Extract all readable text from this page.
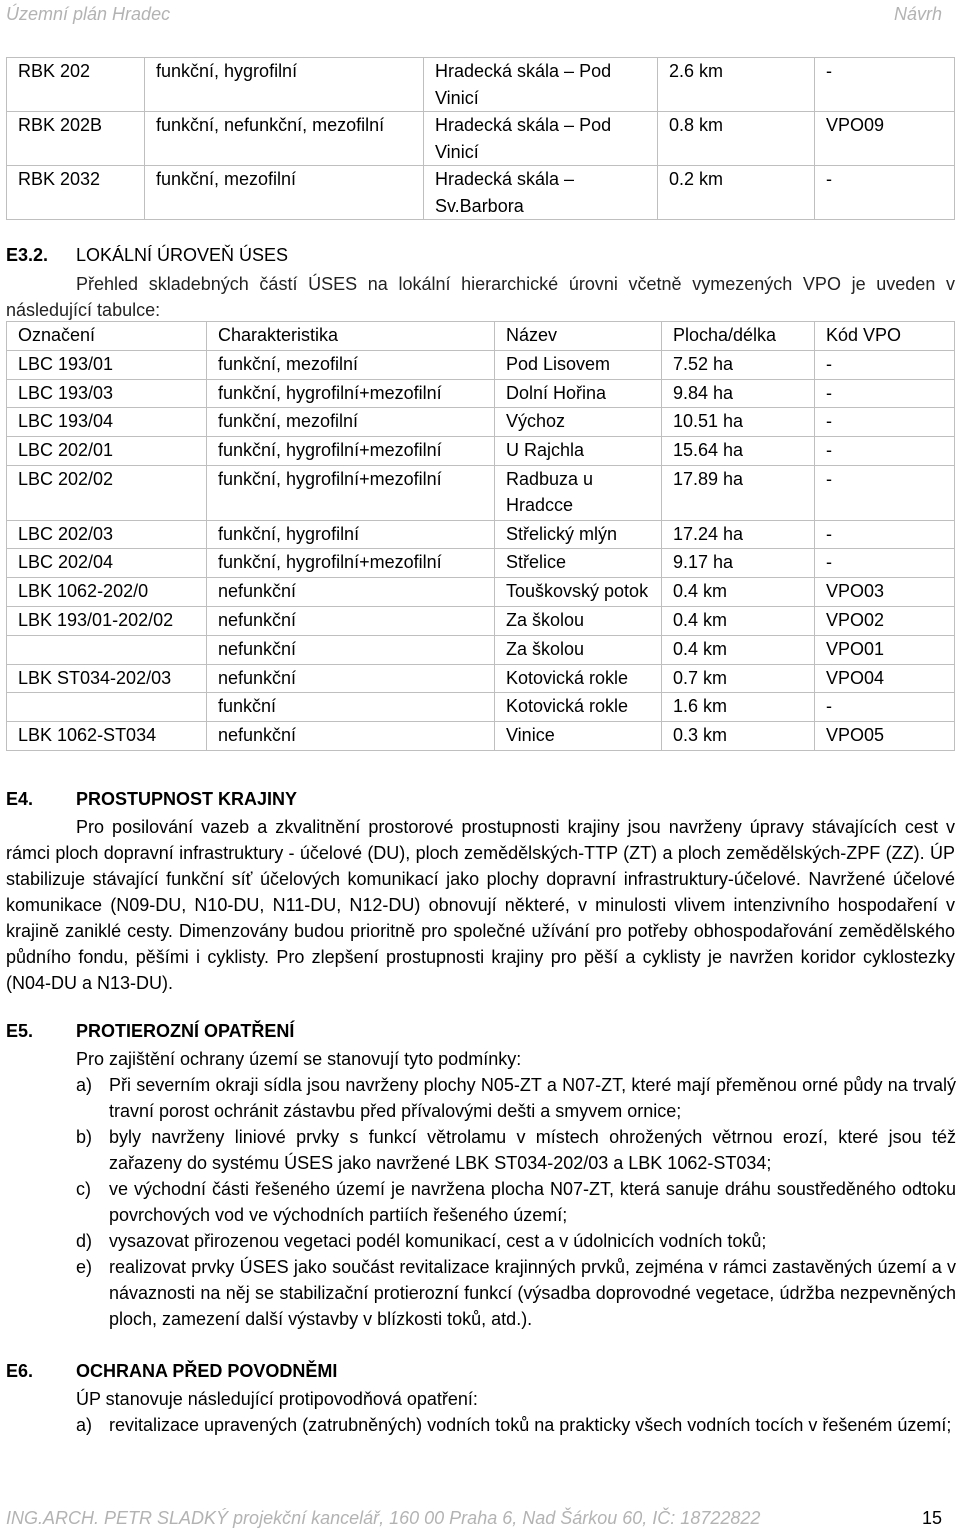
Územní plán Hradec	Návrh
RBK 202	funkční, hygrofilní	Hradecká skála – Pod Vinicí	2.6 km	-
RBK 202B	funkční, nefunkční, mezofilní	Hradecká skála – Pod Vinicí	0.8 km	VPO09
RBK 2032	funkční, mezofilní	Hradecká skála – Sv.Barbora	0.2 km	-
E3.2. LOKÁLNÍ ÚROVEŇ ÚSES
Přehled skladebných částí ÚSES na lokální hierarchické úrovni včetně vymezených VPO je uveden v následující tabulce:
Označení	Charakteristika	Název	Plocha/délka	Kód VPO
LBC 193/01	funkční, mezofilní	Pod Lisovem	7.52 ha	-
LBC 193/03	funkční, hygrofilní+mezofilní	Dolní Hořina	9.84 ha	-
LBC 193/04	funkční, mezofilní	Výchoz	10.51 ha	-
LBC 202/01	funkční, hygrofilní+mezofilní	U Rajchla	15.64 ha	-
LBC 202/02	funkční, hygrofilní+mezofilní	Radbuza u Hradcce	17.89 ha	-
LBC 202/03	funkční, hygrofilní	Střelický mlýn	17.24 ha	-
LBC 202/04	funkční, hygrofilní+mezofilní	Střelice	9.17 ha	-
LBK 1062-202/0	nefunkční	Touškovský potok	0.4 km	VPO03
LBK 193/01-202/02	nefunkční	Za školou	0.4 km	VPO02
	nefunkční	Za školou	0.4 km	VPO01
LBK ST034-202/03	nefunkční	Kotovická rokle	0.7 km	VPO04
	funkční	Kotovická rokle	1.6 km	-
LBK 1062-ST034	nefunkční	Vinice	0.3 km	VPO05
E4. PROSTUPNOST KRAJINY
Pro posilování vazeb a zkvalitnění prostorové prostupnosti krajiny jsou navrženy úpravy stávajících cest v rámci ploch dopravní infrastruktury - účelové (DU), ploch zemědělských-TTP (ZT) a ploch zemědělských-ZPF (ZZ). ÚP stabilizuje stávající funkční síť účelových komunikací jako plochy dopravní infrastruktury-účelové. Navržené účelové komunikace (N09-DU, N10-DU, N11-DU, N12-DU) obnovují některé, v minulosti vlivem intenzivního hospodaření v krajině zaniklé cesty. Dimenzovány budou prioritně pro společné užívání pro potřeby obhospodařování zemědělského půdního fondu, pěšími i cyklisty. Pro zlepšení prostupnosti krajiny pro pěší a cyklisty je navržen koridor cyklostezky (N04-DU a N13-DU).
E5. PROTIEROZNÍ OPATŘENÍ
Pro zajištění ochrany území se stanovují tyto podmínky:
a) Při severním okraji sídla jsou navrženy plochy N05-ZT a N07-ZT, které mají přeměnou orné půdy na trvalý travní porost ochránit zástavbu před přívalovými dešti a smyvem ornice;
b) byly navrženy liniové prvky s funkcí větrolamu v místech ohrožených větrnou erozí, které jsou též zařazeny do systému ÚSES jako navržené LBK ST034-202/03 a LBK 1062-ST034;
c)	ve východní části řešeného území je navržena plocha N07-ZT, která sanuje dráhu soustředěného odtoku povrchových vod ve východních partiích řešeného území;
d) vysazovat přirozenou vegetaci podél komunikací, cest a v údolnicích vodních toků;
e) realizovat prvky ÚSES jako součást revitalizace krajinných prvků, zejména v rámci zastavěných území a v návaznosti na něj se stabilizační protierozní funkcí (výsadba doprovodné vegetace, údržba nezpevněných ploch, zamezení další výstavby v blízkosti toků, atd.).
E6. OCHRANA PŘED POVODNĚMI
ÚP stanovuje následující protipovodňová opatření:
a) revitalizace upravených (zatrubněných) vodních toků na prakticky všech vodních tocích v řešeném území;
ING.ARCH. PETR SLADKÝ projekční kancelář, 160 00 Praha 6, Nad Šárkou 60, IČ: 18722822	15
